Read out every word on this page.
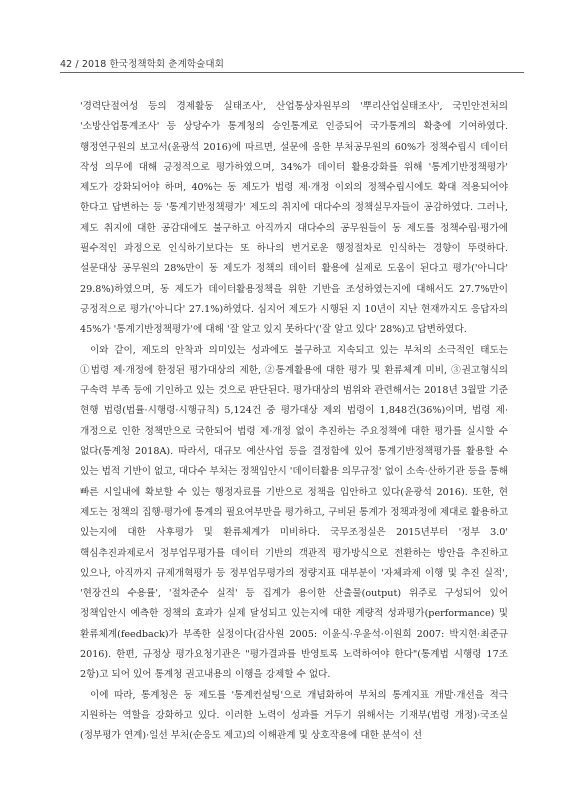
42 / 2018 한국정책학회 춘계학술대회

'경력단절여성 등의 경제활동 실태조사', 산업통상자원부의 '뿌리산업실태조사', 국민안전처의 '소방산업통계조사' 등 상당수가 통계청의 승인통계로 인증되어 국가통계의 확충에 기여하였다. 행정연구원의 보고서(윤광석 2016)에 따르면, 설문에 응한 부처공무원의 60%가 정책수립시 데이터 작성 의무에 대해 긍정적으로 평가하였으며, 34%가 데이터 활용강화를 위해 '통계기반정책평가' 제도가 강화되어야 하며, 40%는 동 제도가 법령 제·개정 이외의 정책수립시에도 확대 적용되어야 한다고 답변하는 등 '통계기반정책평가' 제도의 취지에 대다수의 정책실무자들이 공감하였다. 그러나, 제도 취지에 대한 공감대에도 불구하고 아직까지 대다수의 공무원들이 동 제도를 정책수립·평가에 필수적인 과정으로 인식하기보다는 또 하나의 번거로운 행정절차로 인식하는 경향이 뚜렷하다. 설문대상 공무원의 28%만이 동 제도가 정책의 데이터 활용에 실제로 도움이 된다고 평가('아니다' 29.8%)하였으며, 동 제도가 데이터활용정책을 위한 기반을 조성하였는지에 대해서도 27.7%만이 긍정적으로 평가('아니다' 27.1%)하였다. 심지어 제도가 시행된 지 10년이 지난 현재까지도 응답자의 45%가 '통계기반정책평가'에 대해 '잘 알고 있지 못하다'('잘 알고 있다' 28%)고 답변하였다.

이와 같이, 제도의 안착과 의미있는 성과에도 불구하고 지속되고 있는 부처의 소극적인 태도는 ①법령 제·개정에 한정된 평가대상의 제한, ②통계활용에 대한 평가 및 환류체계 미비, ③권고형식의 구속력 부족 등에 기인하고 있는 것으로 판단된다. 평가대상의 범위와 관련해서는 2018년 3월말 기준 현행 법령(법률·시행령·시행규칙) 5,124건 중 평가대상 제외 법령이 1,848건(36%)이며, 법령 제·개정으로 인한 정책만으로 국한되어 법령 제·개정 없이 추진하는 주요정책에 대한 평가를 실시할 수 없다(통계청 2018A). 따라서, 대규모 예산사업 등을 결정함에 있어 통계기반정책평가를 활용할 수 있는 법적 기반이 없고, 대다수 부처는 정책입안시 '데이터활용 의무규정' 없이 소속·산하기관 등을 통해 빠른 시일내에 확보할 수 있는 행정자료를 기반으로 정책을 입안하고 있다(윤광석 2016). 또한, 현 제도는 정책의 집행·평가에 통계의 필요여부만을 평가하고, 구비된 통계가 정책과정에 제대로 활용하고 있는지에 대한 사후평가 및 환류체계가 미비하다. 국무조정실은 2015년부터 '정부 3.0' 핵심추진과제로서 정부업무평가를 데이터 기반의 객관적 평가방식으로 전환하는 방안을 추진하고 있으나, 아직까지 규제개혁평가 등 정부업무평가의 정량지표 대부분이 '자체과제 이행 및 추진 실적', '현장건의 수용률', '절차준수 실적' 등 집계가 용이한 산출물(output) 위주로 구성되어 있어 정책입안시 예측한 정책의 효과가 실제 달성되고 있는지에 대한 계량적 성과평가(performance) 및 환류체계(feedback)가 부족한 실정이다(감사원 2005: 이윤식·우윤석·이원희 2007: 박지현·최준규 2016). 한편, 규정상 평가요청기관은 "평가결과를 반영토록 노력하여야 한다"(통계법 시행령 17조 2항)고 되어 있어 통계청 권고내용의 이행을 강제할 수 없다.

이에 따라, 통계청은 동 제도를 '통계컨설팅'으로 개념화하여 부처의 통계지표 개발·개선을 적극 지원하는 역할을 강화하고 있다. 이러한 노력이 성과를 거두기 위해서는 기재부(법령 개정)·국조실(정부평가 연계)·일선 부처(순응도 제고)의 이해관계 및 상호작용에 대한 분석이 선
